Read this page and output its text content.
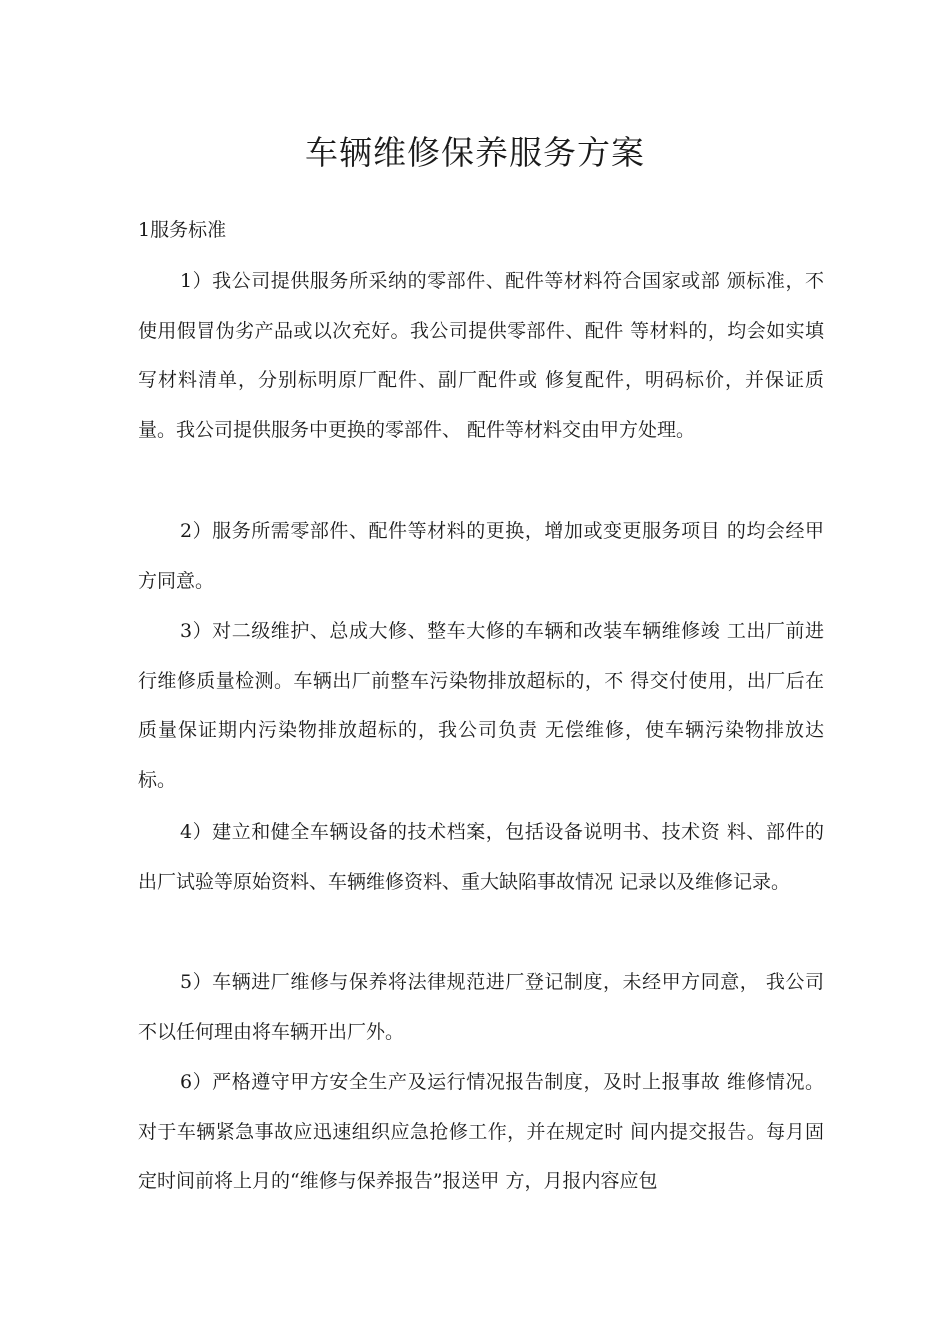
车辆维修保养服务方案
1服务标准

1）我公司提供服务所采纳的零部件、配件等材料符合国家或部 颁标准，不使用假冒伪劣产品或以次充好。我公司提供零部件、配件 等材料的，均会如实填写材料清单，分别标明原厂配件、副厂配件或 修复配件，明码标价，并保证质量。我公司提供服务中更换的零部件、 配件等材料交由甲方处理。

2）服务所需零部件、配件等材料的更换，增加或变更服务项目 的均会经甲方同意。

3）对二级维护、总成大修、整车大修的车辆和改装车辆维修竣 工出厂前进行维修质量检测。车辆出厂前整车污染物排放超标的，不 得交付使用，出厂后在质量保证期内污染物排放超标的，我公司负责 无偿维修，使车辆污染物排放达标。

4）建立和健全车辆设备的技术档案，包括设备说明书、技术资 料、部件的出厂试验等原始资料、车辆维修资料、重大缺陷事故情况 记录以及维修记录。

5）车辆进厂维修与保养将法律规范进厂登记制度，未经甲方同意， 我公司不以任何理由将车辆开出厂外。

6）严格遵守甲方安全生产及运行情况报告制度，及时上报事故 维修情况。对于车辆紧急事故应迅速组织应急抢修工作，并在规定时 间内提交报告。每月固定时间前将上月的“维修与保养报告”报送甲 方，月报内容应包
